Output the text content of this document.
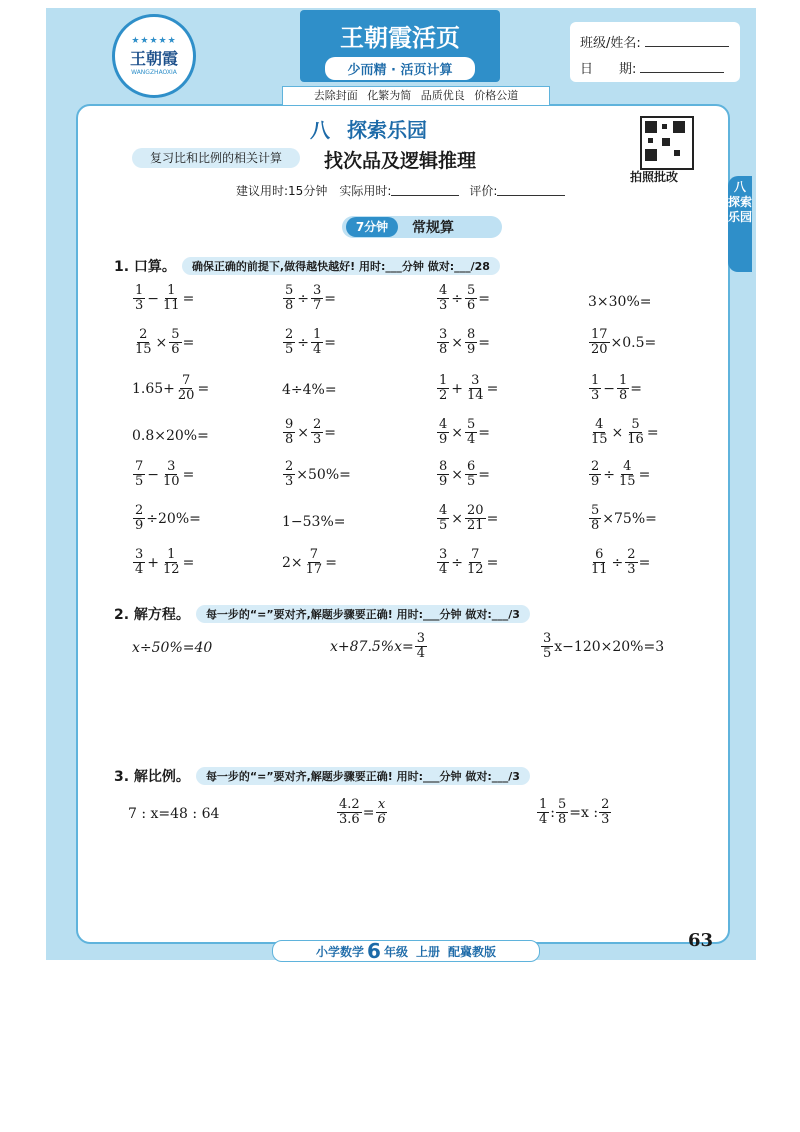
★★★★★
王朝霞
WANGZHAOXIA
王朝霞活页
少而精 · 活页计算
去除封面 化繁为简 品质优良 价格公道
班级/姓名:
日　　期:
八 探索乐园
拍照批改
复习比和比例的相关计算	找次品及逻辑推理
建议用时:15分钟 实际用时:	评价:	八 探索乐园
7分钟	常规算
1. 口算。	确保正确的前提下,做得越快越好! 用时:___分钟 做对:___/28
$\frac{1}{3} - \frac{1}{11}$ =	$\frac{5}{8} \div \frac{3}{7}$ =	$\frac{4}{3} \div \frac{5}{6}$ =	3×30%=
$\frac{2}{15} \times \frac{5}{6}$ =	$\frac{2}{5} \div \frac{1}{4}$ =	$\frac{3}{8} \times \frac{8}{9}$ =	$\frac{17}{20} \times 0.5=$
$1.65+ \frac{7}{20}$ =	4÷4%=	$\frac{1}{2} + \frac{3}{14}$ =	$\frac{1}{3} - \frac{1}{8}$ =
0.8×20%=	$\frac{9}{8} \times \frac{2}{3}$ =	$\frac{4}{9} \times \frac{5}{4}$ =	$\frac{4}{15} \times \frac{5}{16}$ =
$\frac{7}{5} - \frac{3}{10}$ =	$\frac{2}{3} \times 50\%=$	$\frac{8}{9} \times \frac{6}{5}$ =	$\frac{2}{9} \div \frac{4}{15}$ =
$\frac{2}{9} \div 20\%=$	1−53%=	$\frac{4}{5} \times \frac{20}{21}$ =	$\frac{5}{8} \times 75\%=$
$\frac{3}{4} + \frac{1}{12}$ =	$2\times \frac{7}{17}$ =	$\frac{3}{4} \div \frac{7}{12}$ =	$\frac{6}{11} \div \frac{2}{3}$ =
2. 解方程。	每一步的“=”要对齐,解题步骤要正确! 用时:___分钟 做对:___/3
x÷50%=40	$x+87.5\%x= \frac{3}{4}$	$\frac{3}{5} x-120\times 20\%=3$
3. 解比例。	每一步的“=”要对齐,解题步骤要正确! 用时:___分钟 做对:___/3
7 : x=48 : 64	$\frac{4.2}{3.6} = \frac{x}{6}$	$\frac{1}{4}$ : $\frac{5}{8} =x$ : $\frac{2}{3}$
小学数学 6 年级 上册 配冀教版
63
